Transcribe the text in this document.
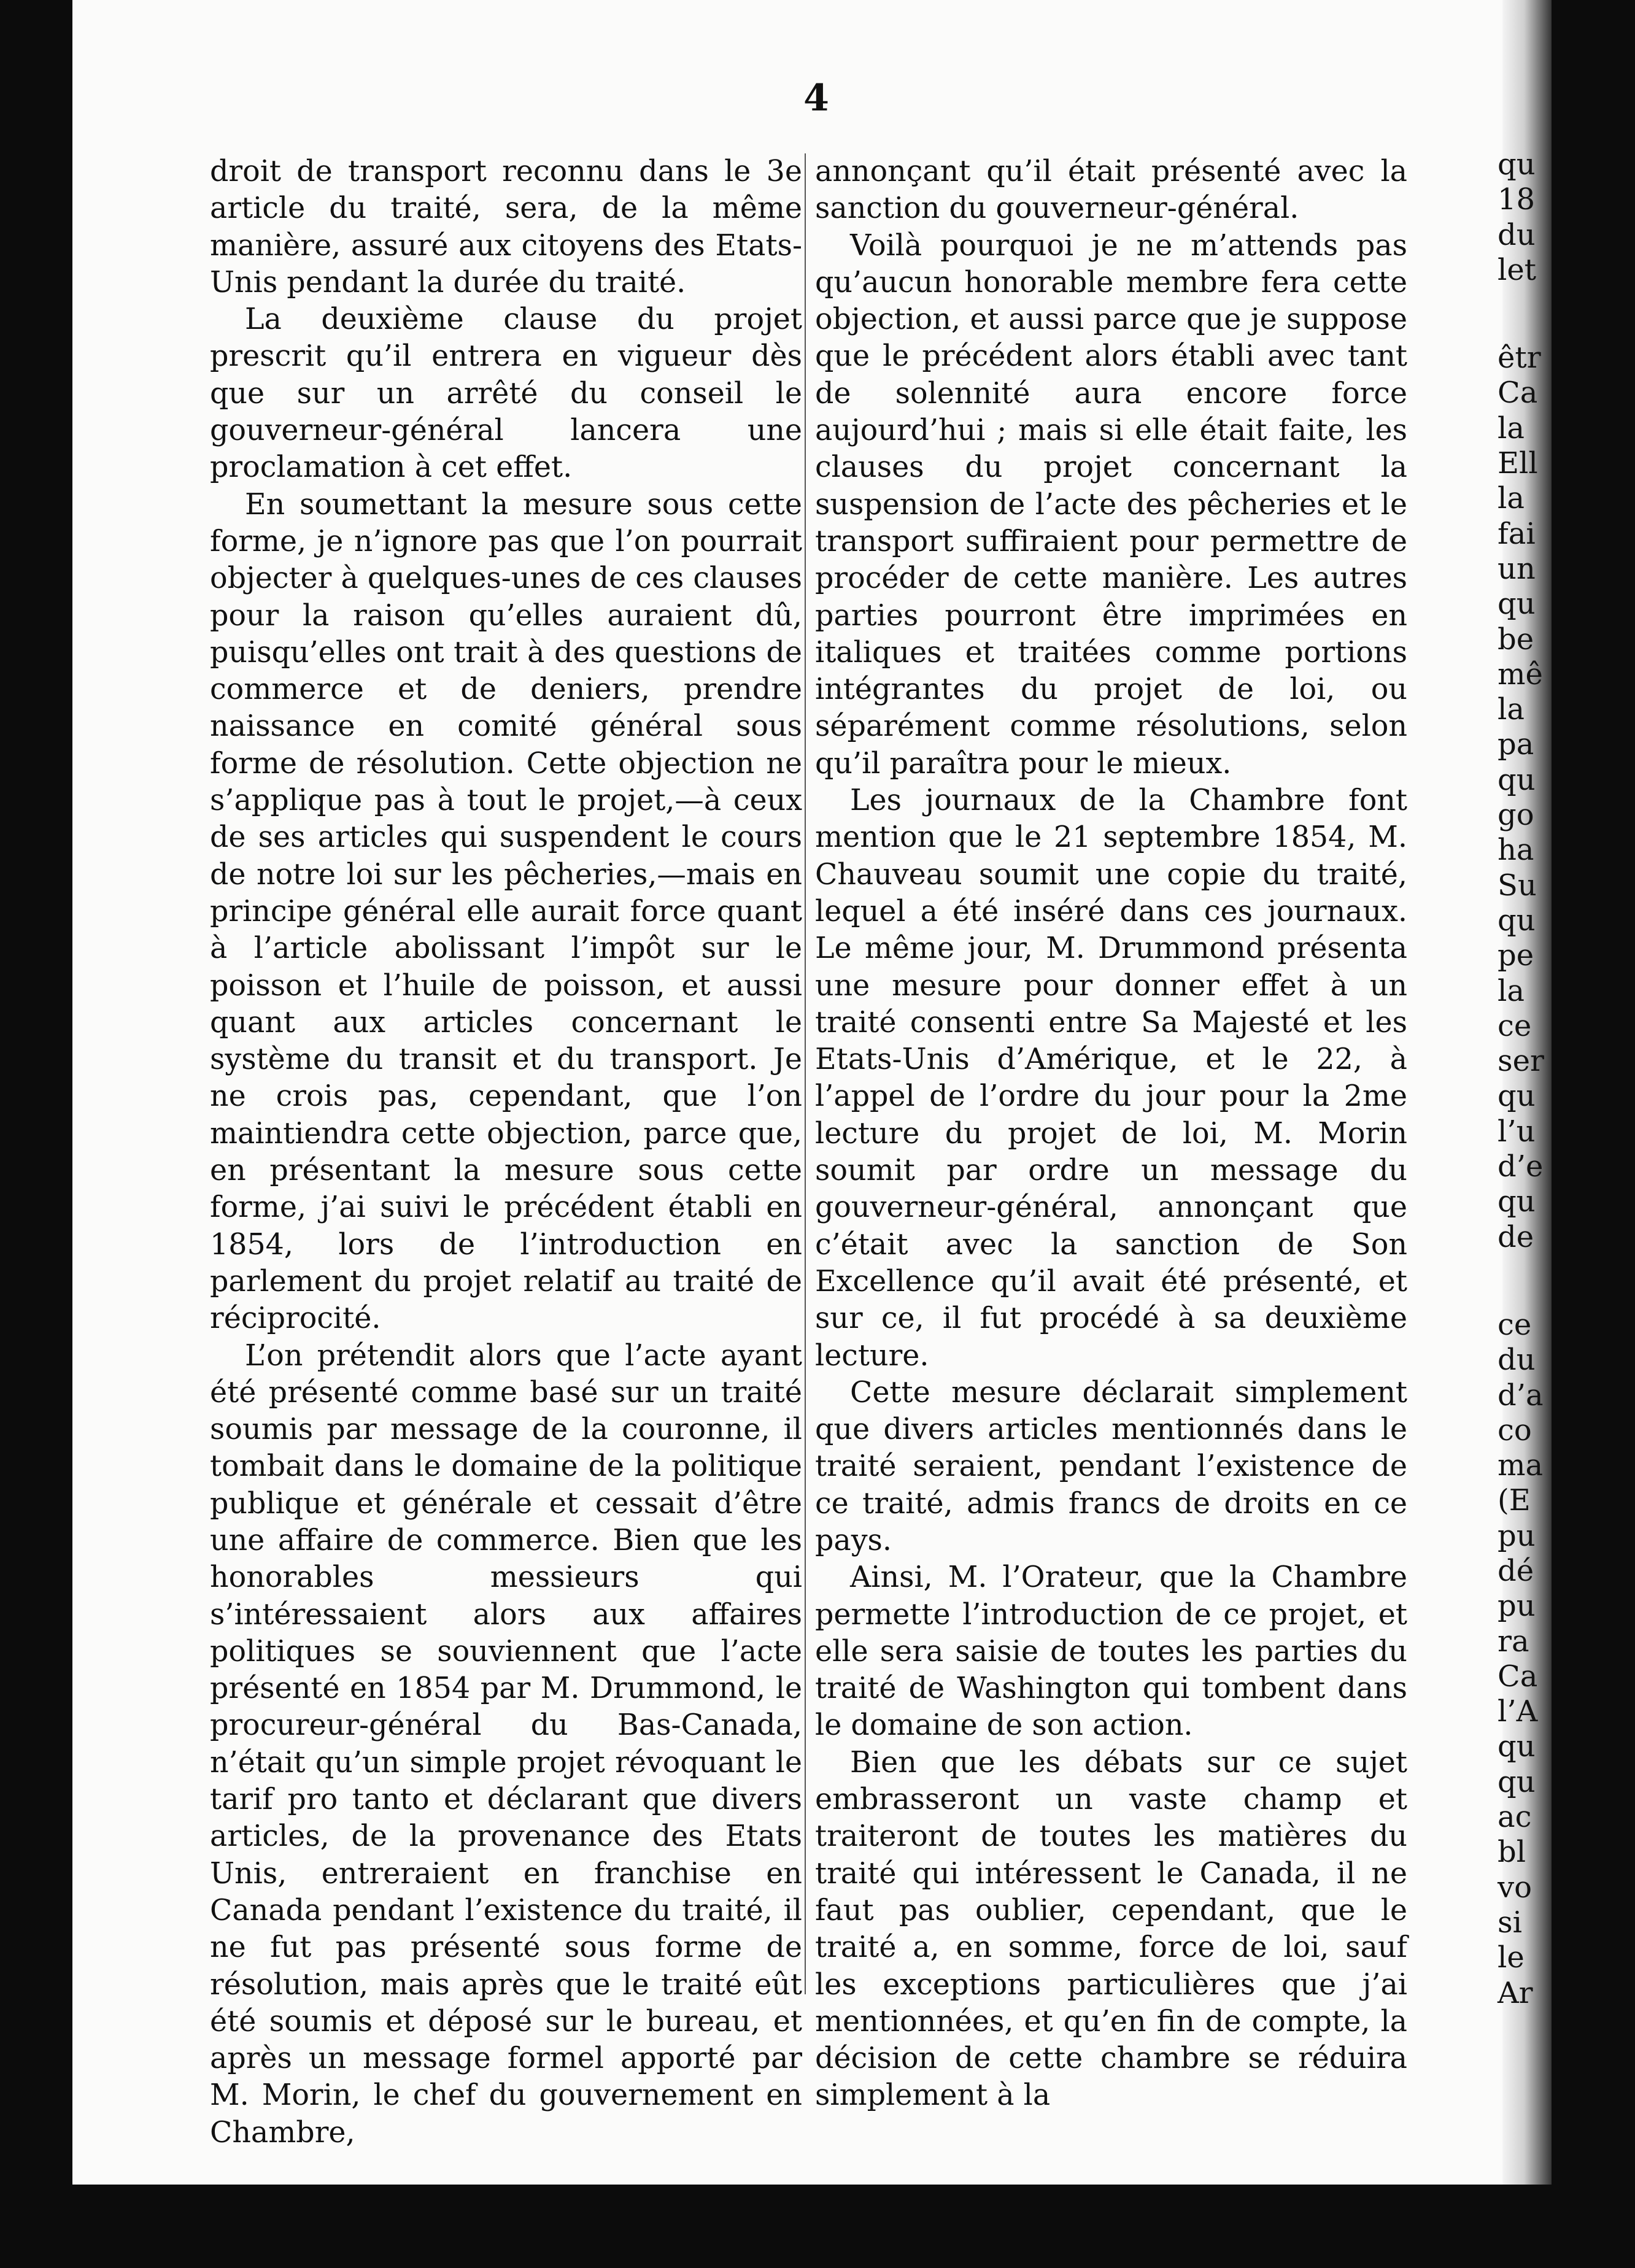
4

droit de transport reconnu dans le 3e article du traité, sera, de la même manière, assuré aux citoyens des Etats-Unis pendant la durée du traité.

La deuxième clause du projet prescrit qu’il entrera en vigueur dès que sur un arrêté du conseil le gouverneur-général lancera une proclamation à cet effet.

En soumettant la mesure sous cette forme, je n’ignore pas que l’on pourrait objecter à quelques-unes de ces clauses pour la raison qu’elles auraient dû, puisqu’elles ont trait à des questions de commerce et de deniers, prendre naissance en comité général sous forme de résolution. Cette objection ne s’applique pas à tout le projet,—à ceux de ses articles qui suspendent le cours de notre loi sur les pêcheries,—mais en principe général elle aurait force quant à l’article abolissant l’impôt sur le poisson et l’huile de poisson, et aussi quant aux articles concernant le système du transit et du transport. Je ne crois pas, cependant, que l’on maintiendra cette objection, parce que, en présentant la mesure sous cette forme, j’ai suivi le précédent établi en 1854, lors de l’introduction en parlement du projet relatif au traité de réciprocité.

L’on prétendit alors que l’acte ayant été présenté comme basé sur un traité soumis par message de la couronne, il tombait dans le domaine de la politique publique et générale et cessait d’être une affaire de commerce. Bien que les honorables messieurs qui s’intéressaient alors aux affaires politiques se souviennent que l’acte présenté en 1854 par M. Drummond, le procureur-général du Bas-Canada, n’était qu’un simple projet révoquant le tarif pro tanto et déclarant que divers articles, de la provenance des Etats Unis, entreraient en franchise en Canada pendant l’existence du traité, il ne fut pas présenté sous forme de résolution, mais après que le traité eût été soumis et déposé sur le bureau, et après un message formel apporté par M. Morin, le chef du gouvernement en Chambre,

annonçant qu’il était présenté avec la sanction du gouverneur-général.

Voilà pourquoi je ne m’attends pas qu’aucun honorable membre fera cette objection, et aussi parce que je suppose que le précédent alors établi avec tant de solennité aura encore force aujourd’hui ; mais si elle était faite, les clauses du projet concernant la suspension de l’acte des pêcheries et le transport suffiraient pour permettre de procéder de cette manière. Les autres parties pourront être imprimées en italiques et traitées comme portions intégrantes du projet de loi, ou séparément comme résolutions, selon qu’il paraîtra pour le mieux.

Les journaux de la Chambre font mention que le 21 septembre 1854, M. Chauveau soumit une copie du traité, lequel a été inséré dans ces journaux. Le même jour, M. Drummond présenta une mesure pour donner effet à un traité consenti entre Sa Majesté et les Etats-Unis d’Amérique, et le 22, à l’appel de l’ordre du jour pour la 2me lecture du projet de loi, M. Morin soumit par ordre un message du gouverneur-général, annonçant que c’était avec la sanction de Son Excellence qu’il avait été présenté, et sur ce, il fut procédé à sa deuxième lecture.

Cette mesure déclarait simplement que divers articles mentionnés dans le traité seraient, pendant l’existence de ce traité, admis francs de droits en ce pays.

Ainsi, M. l’Orateur, que la Chambre permette l’introduction de ce projet, et elle sera saisie de toutes les parties du traité de Washington qui tombent dans le domaine de son action.

Bien que les débats sur ce sujet embrasseront un vaste champ et traiteront de toutes les matières du traité qui intéressent le Canada, il ne faut pas oublier, cependant, que le traité a, en somme, force de loi, sauf les exceptions particulières que j’ai mentionnées, et qu’en fin de compte, la décision de cette chambre se réduira simplement à la

qu
18
du
let
êtr
Ca
la
Ell
la
fai
un
qu
be
mê
la
pa
qu
go
ha
Su
qu
pe
la
ce
ser
qu
l’u
d’e
qu
de
ce
du
d’a
co
ma
(E
pu
dé
pu
ra
Ca
l’A
qu
qu
ac
bl
vo
si
le
Ar
